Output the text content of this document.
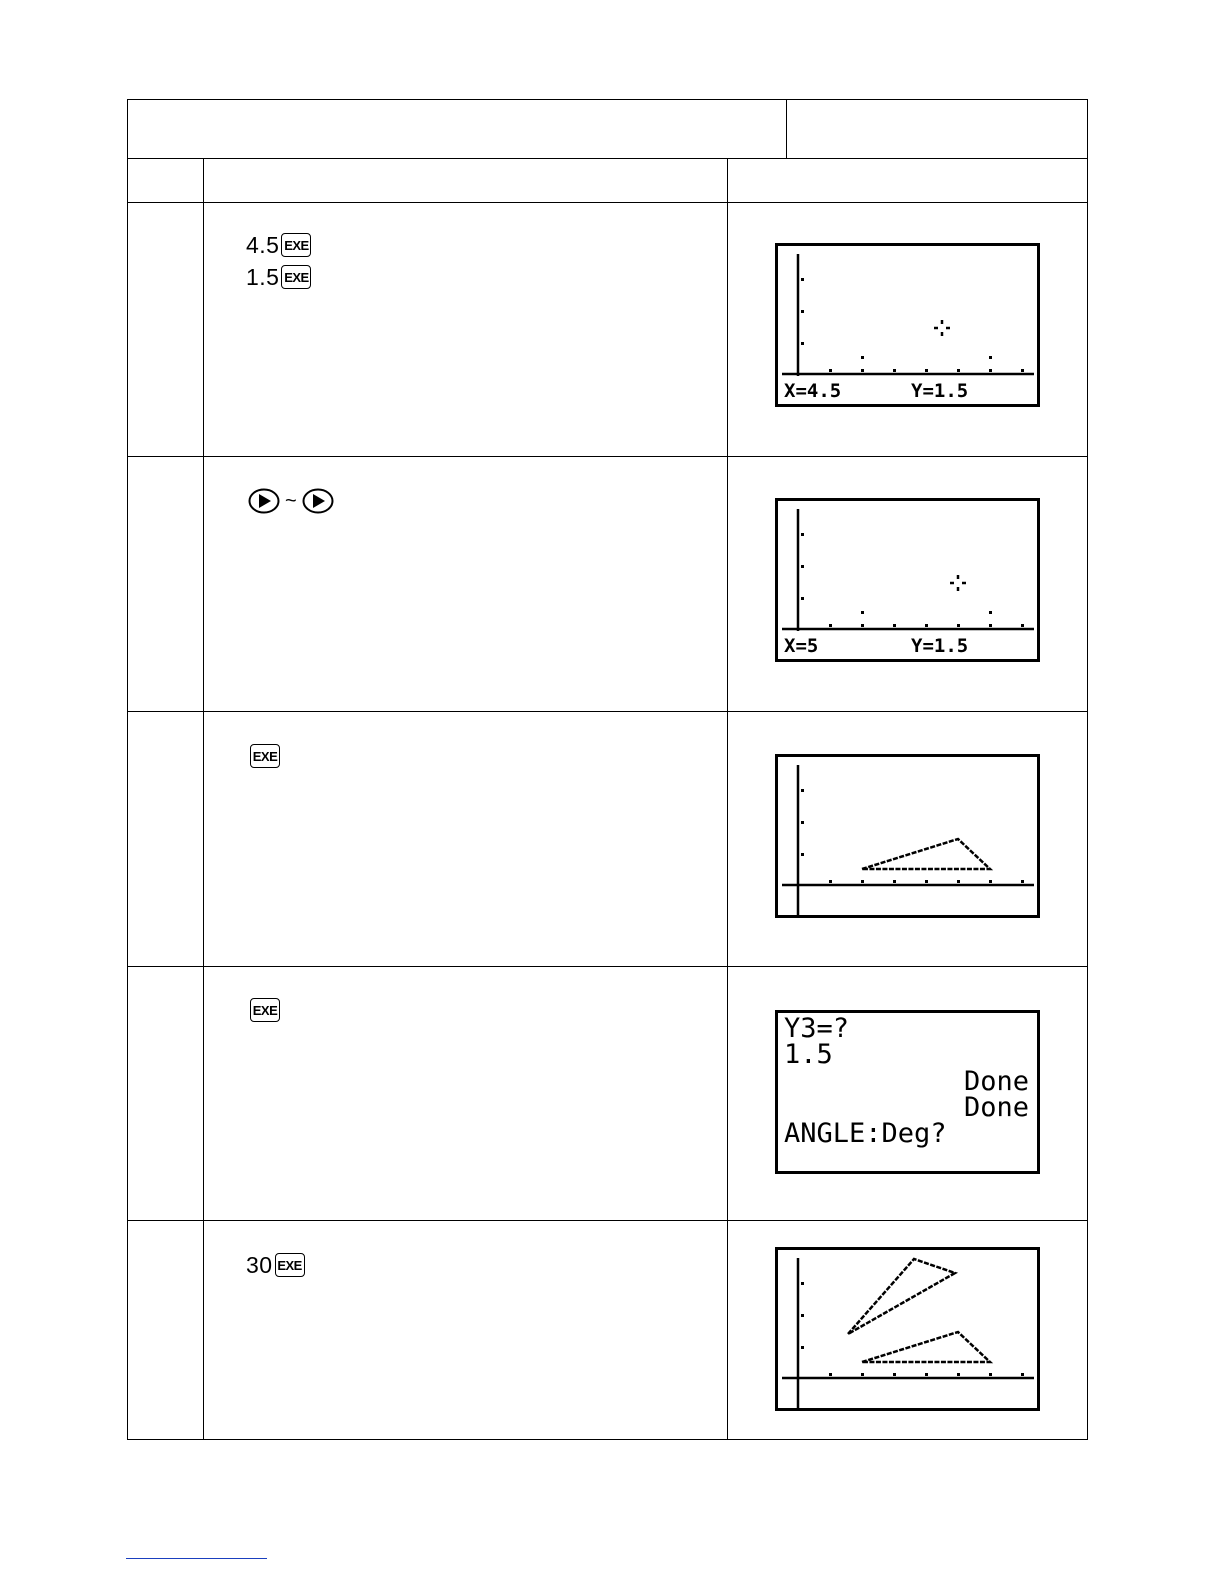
4.5 EXE
1.5 EXE
~
EXE
EXE
30 EXE
X=4.5	Y=1.5
X=5	Y=1.5
Y3=?
1.5
Done
Done
ANGLE:Deg?
